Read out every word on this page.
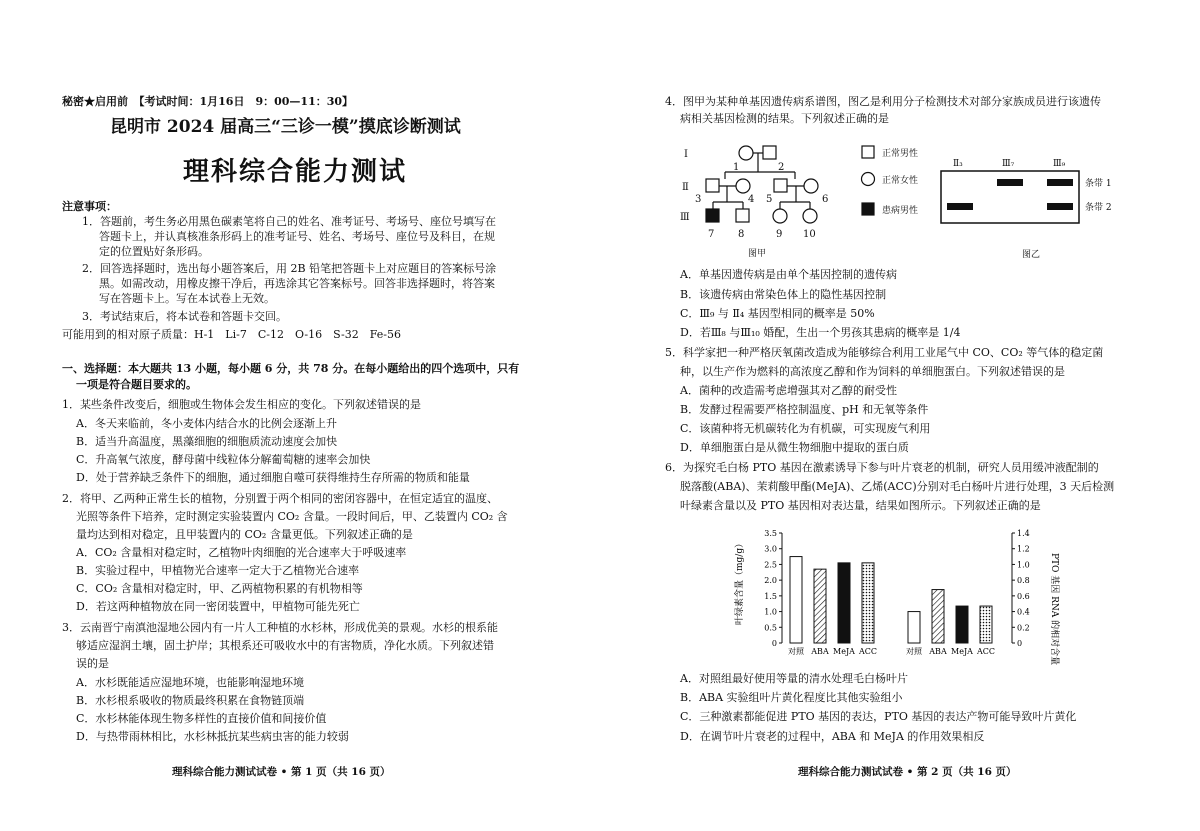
秘密★启用前　【考试时间：1月16日　9：00—11：30】
昆明市 2024 届高三“三诊一模”摸底诊断测试
理科综合能力测试
注意事项：
1．答题前，考生务必用黑色碳素笔将自己的姓名、准考证号、考场号、座位号填写在
答题卡上，并认真核准条形码上的准考证号、姓名、考场号、座位号及科目，在规
定的位置贴好条形码。
2．回答选择题时，选出每小题答案后，用 2B 铅笔把答题卡上对应题目的答案标号涂
黑。如需改动，用橡皮擦干净后，再选涂其它答案标号。回答非选择题时，将答案
写在答题卡上。写在本试卷上无效。
3．考试结束后，将本试卷和答题卡交回。
可能用到的相对原子质量：H-1　Li-7　C-12　O-16　S-32　Fe-56
一、选择题：本大题共 13 小题，每小题 6 分，共 78 分。在每小题给出的四个选项中，只有
一项是符合题目要求的。
1．某些条件改变后，细胞或生物体会发生相应的变化。下列叙述错误的是
A．冬天来临前，冬小麦体内结合水的比例会逐渐上升
B．适当升高温度，黑藻细胞的细胞质流动速度会加快
C．升高氧气浓度，酵母菌中线粒体分解葡萄糖的速率会加快
D．处于营养缺乏条件下的细胞，通过细胞自噬可获得维持生存所需的物质和能量
2．将甲、乙两种正常生长的植物，分别置于两个相同的密闭容器中，在恒定适宜的温度、
光照等条件下培养，定时测定实验装置内 CO₂ 含量。一段时间后，甲、乙装置内 CO₂ 含
量均达到相对稳定，且甲装置内的 CO₂ 含量更低。下列叙述正确的是
A．CO₂ 含量相对稳定时，乙植物叶肉细胞的光合速率大于呼吸速率
B．实验过程中，甲植物光合速率一定大于乙植物光合速率
C．CO₂ 含量相对稳定时，甲、乙两植物积累的有机物相等
D．若这两种植物放在同一密闭装置中，甲植物可能先死亡
3．云南晋宁南滇池湿地公园内有一片人工种植的水杉林，形成优美的景观。水杉的根系能
够适应湿润土壤，固土护岸；其根系还可吸收水中的有害物质，净化水质。下列叙述错
误的是
A．水杉既能适应湿地环境，也能影响湿地环境
B．水杉根系吸收的物质最终积累在食物链顶端
C．水杉林能体现生物多样性的直接价值和间接价值
D．与热带雨林相比，水杉林抵抗某些病虫害的能力较弱
理科综合能力测试试卷 • 第 1 页（共 16 页）
4．图甲为某种单基因遗传病系谱图，图乙是利用分子检测技术对部分家族成员进行该遗传
病相关基因检测的结果。下列叙述正确的是
I
Ⅱ
Ⅲ
1	2
3	4 5	6
7 8	9 10
正常男性
正常女性
患病男性
图甲
Ⅱ₃	Ⅲ₇	Ⅲ₉
条带 1
条带 2
图乙
A．单基因遗传病是由单个基因控制的遗传病
B．该遗传病由常染色体上的隐性基因控制
C．Ⅲ₉ 与 Ⅱ₄ 基因型相同的概率是 50%
D．若Ⅲ₈ 与Ⅲ₁₀ 婚配，生出一个男孩其患病的概率是 1/4
5．科学家把一种严格厌氧菌改造成为能够综合利用工业尾气中 CO、CO₂ 等气体的稳定菌
种，以生产作为燃料的高浓度乙醇和作为饲料的单细胞蛋白。下列叙述错误的是
A．菌种的改造需考虑增强其对乙醇的耐受性
B．发酵过程需要严格控制温度、pH 和无氧等条件
C．该菌种将无机碳转化为有机碳，可实现废气利用
D．单细胞蛋白是从微生物细胞中提取的蛋白质
6．为探究毛白杨 PTO 基因在激素诱导下参与叶片衰老的机制，研究人员用缓冲液配制的
脱落酸(ABA)、茉莉酸甲酯(MeJA)、乙烯(ACC)分别对毛白杨叶片进行处理，3 天后检测
叶绿素含量以及 PTO 基因相对表达量，结果如图所示。下列叙述正确的是
叶绿素含量（mg/g）	PTO 基因 RNA 的相对含量
0
0.5
1.0
1.5
2.0
2.5
3.0
3.5
0
0.2
0.4
0.6
0.8
1.0
1.2
1.4
对照 ABA MeJA ACC	对照 ABA MeJA ACC
A．对照组最好使用等量的清水处理毛白杨叶片
B．ABA 实验组叶片黄化程度比其他实验组小
C．三种激素都能促进 PTO 基因的表达，PTO 基因的表达产物可能导致叶片黄化
D．在调节叶片衰老的过程中，ABA 和 MeJA 的作用效果相反
理科综合能力测试试卷 • 第 2 页（共 16 页）
